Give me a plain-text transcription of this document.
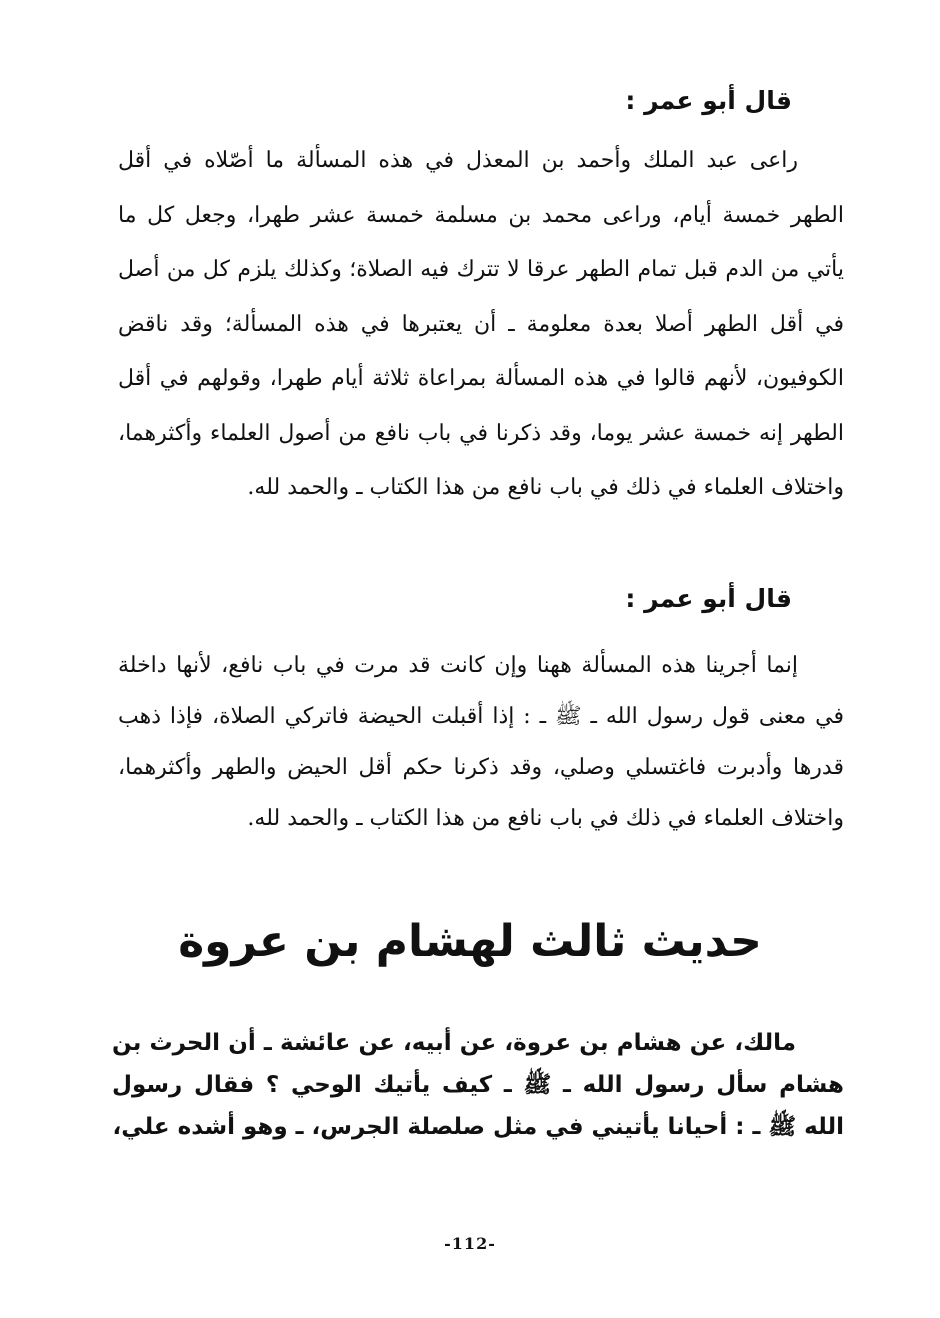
قال أبو عمر :
راعى عبد الملك وأحمد بن المعذل في هذه المسألة ما أصّلاه في أقل الطهر خمسة أيام، وراعى محمد بن مسلمة خمسة عشر طهرا، وجعل كل ما يأتي من الدم قبل تمام الطهر عرقا لا تترك فيه الصلاة؛ وكذلك يلزم كل من أصل في أقل الطهر أصلا بعدة معلومة ـ أن يعتبرها في هذه المسألة؛ وقد ناقض الكوفيون، لأنهم قالوا في هذه المسألة بمراعاة ثلاثة أيام طهرا، وقولهم في أقل الطهر إنه خمسة عشر يوما، وقد ذكرنا في باب نافع من أصول العلماء وأكثرهما، واختلاف العلماء في ذلك في باب نافع من هذا الكتاب ـ والحمد لله.
قال أبو عمر :
إنما أجرينا هذه المسألة ههنا وإن كانت قد مرت في باب نافع، لأنها داخلة في معنى قول رسول الله ـ ﷺ ـ : إذا أقبلت الحيضة فاتركي الصلاة، فإذا ذهب قدرها وأدبرت فاغتسلي وصلي، وقد ذكرنا حكم أقل الحيض والطهر وأكثرهما، واختلاف العلماء في ذلك في باب نافع من هذا الكتاب ـ والحمد لله.
حديث ثالث لهشام بن عروة
مالك، عن هشام بن عروة، عن أبيه، عن عائشة ـ أن الحرث بن هشام سأل رسول الله ـ ﷺ ـ كيف يأتيك الوحي ؟ فقال رسول الله ﷺ ـ : أحيانا يأتيني في مثل صلصلة الجرس، ـ وهو أشده علي،
-112-
